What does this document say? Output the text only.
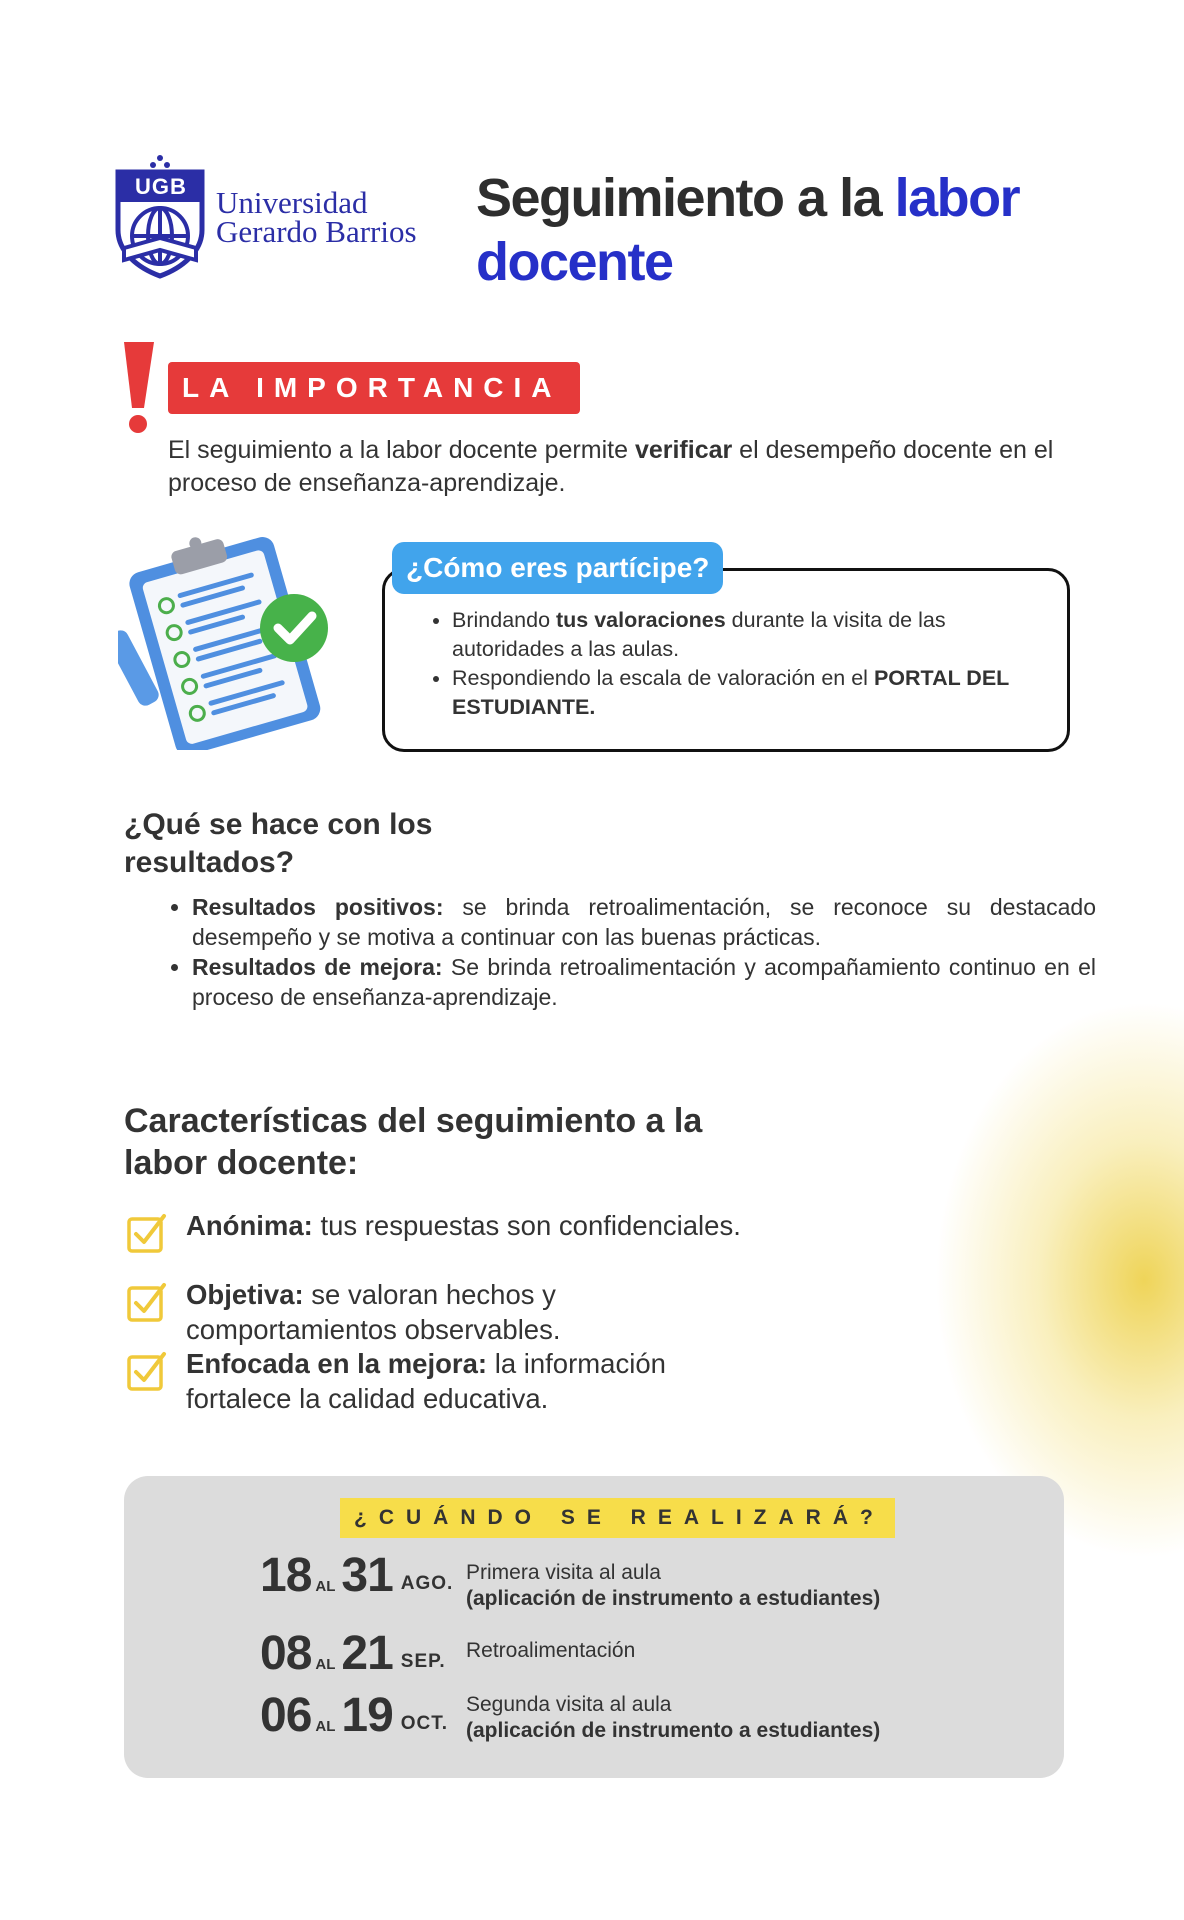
UGB Universidad
Gerardo Barrios
Seguimiento a la labor docente
LA IMPORTANCIA
El seguimiento a la labor docente permite verificar el desempeño docente en el proceso de enseñanza-aprendizaje.
¿Cómo eres partícipe?
• Brindando tus valoraciones durante la visita de las autoridades a las aulas.
• Respondiendo la escala de valoración en el PORTAL DEL ESTUDIANTE.
¿Qué se hace con los resultados?
• Resultados positivos: se brinda retroalimentación, se reconoce su destacado desempeño y se motiva a continuar con las buenas prácticas.
• Resultados de mejora: Se brinda retroalimentación y acompañamiento continuo en el proceso de enseñanza-aprendizaje.
Características del seguimiento a la labor docente:
Anónima: tus respuestas son confidenciales.
Objetiva: se valoran hechos y comportamientos observables.
Enfocada en la mejora: la información fortalece la calidad educativa.
¿CUÁNDO SE REALIZARÁ?
18 AL 31 AGO. Primera visita al aula
(aplicación de instrumento a estudiantes)
08 AL 21 SEP. Retroalimentación
06 AL 19 OCT.
Segunda visita al aula
(aplicación de instrumento a estudiantes)
